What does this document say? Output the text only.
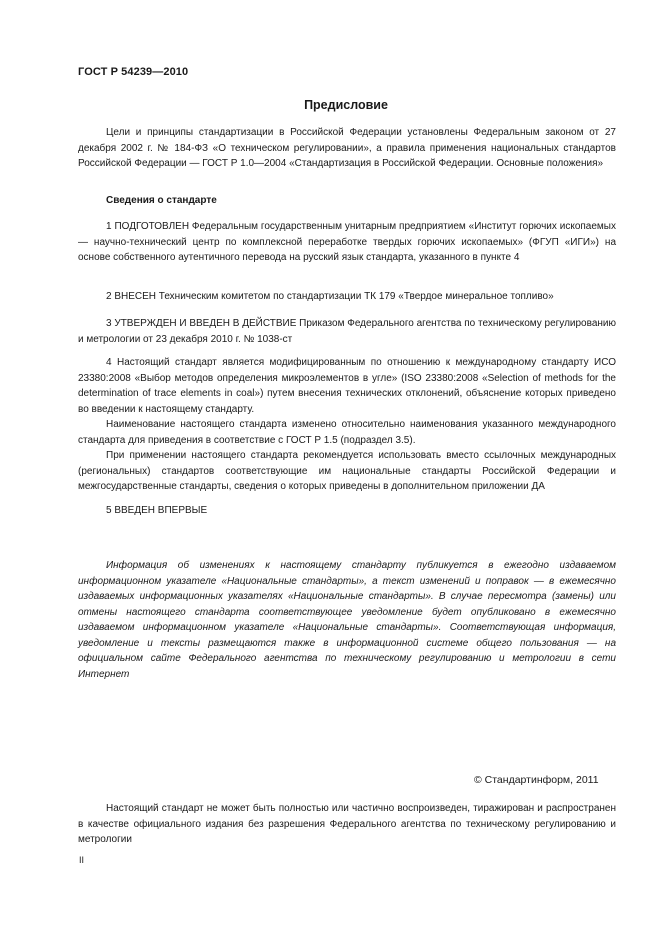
ГОСТ Р 54239—2010
Предисловие

Цели и принципы стандартизации в Российской Федерации установлены Федеральным законом от 27 декабря 2002 г. № 184-ФЗ «О техническом регулировании», а правила применения национальных стандартов Российской Федерации — ГОСТ Р 1.0—2004 «Стандартизация в Российской Федерации. Основные положения»

Сведения о стандарте

1 ПОДГОТОВЛЕН Федеральным государственным унитарным предприятием «Институт горючих ископаемых — научно-технический центр по комплексной переработке твердых горючих ископаемых» (ФГУП «ИГИ») на основе собственного аутентичного перевода на русский язык стандарта, указанного в пункте 4

2 ВНЕСЕН Техническим комитетом по стандартизации ТК 179 «Твердое минеральное топливо»

3 УТВЕРЖДЕН И ВВЕДЕН В ДЕЙСТВИЕ Приказом Федерального агентства по техническому регулированию и метрологии от 23 декабря 2010 г. № 1038-ст

4 Настоящий стандарт является модифицированным по отношению к международному стандарту ИСО 23380:2008 «Выбор методов определения микроэлементов в угле» (ISO 23380:2008 «Selection of methods for the determination of trace elements in coal») путем внесения технических отклонений, объяснение которых приведено во введении к настоящему стандарту.

Наименование настоящего стандарта изменено относительно наименования указанного международного стандарта для приведения в соответствие с ГОСТ Р 1.5 (подраздел 3.5).

При применении настоящего стандарта рекомендуется использовать вместо ссылочных международных (региональных) стандартов соответствующие им национальные стандарты Российской Федерации и межгосударственные стандарты, сведения о которых приведены в дополнительном приложении ДА

5 ВВЕДЕН ВПЕРВЫЕ

Информация об изменениях к настоящему стандарту публикуется в ежегодно издаваемом информационном указателе «Национальные стандарты», а текст изменений и поправок — в ежемесячно издаваемых информационных указателях «Национальные стандарты». В случае пересмотра (замены) или отмены настоящего стандарта соответствующее уведомление будет опубликовано в ежемесячно издаваемом информационном указателе «Национальные стандарты». Соответствующая информация, уведомление и тексты размещаются также в информационной системе общего пользования — на официальном сайте Федерального агентства по техническому регулированию и метрологии в сети Интернет

© Стандартинформ, 2011

Настоящий стандарт не может быть полностью или частично воспроизведен, тиражирован и распространен в качестве официального издания без разрешения Федерального агентства по техническому регулированию и метрологии

II
